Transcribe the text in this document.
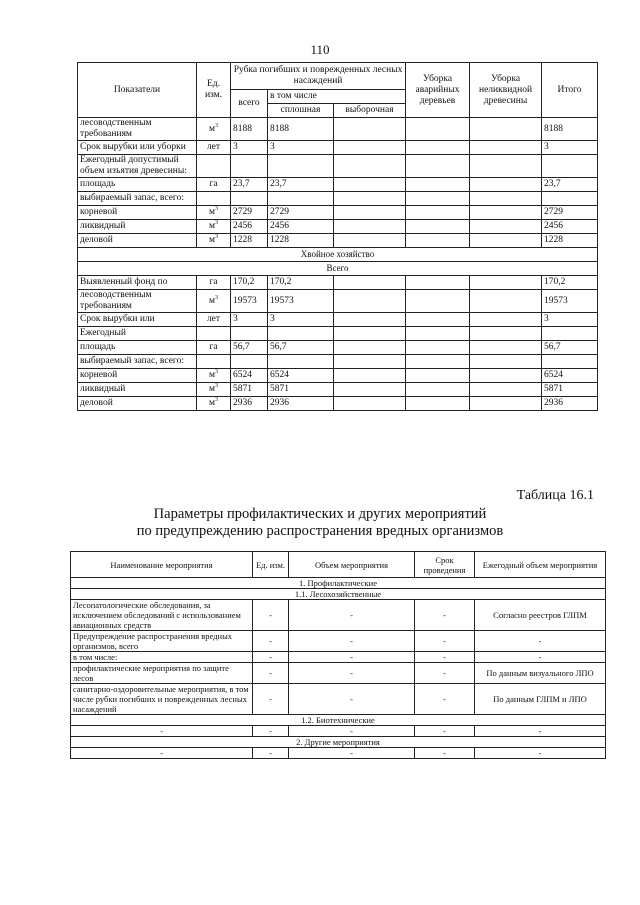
110
Показатели	Ед. изм.	Рубка погибших и поврежденных лесных насаждений			Уборка аварийных деревьев	Уборка неликвидной древесины	Итого
		всего	в том числе				
			сплошная	выборочная			
лесоводственным требованиям	$м^3$	8188	8188				8188
Срок вырубки или уборки	лет	3	3				3
Ежегодный допустимый объем изъятия древесины:							
площадь	га	23,7	23,7				23,7
выбираемый запас, всего:							
корневой	$м^3$	2729	2729				2729
ликвидный	$м^3$	2456	2456				2456
деловой	$м^3$	1228	1228				1228
Хвойное хозяйство							
Всего							
Выявленный фонд по	га	170,2	170,2				170,2
лесоводственным требованиям	$м^3$	19573	19573				19573
Срок вырубки или	лет	3	3				3
Ежегодный							
площадь	га	56,7	56,7				56,7
выбираемый запас, всего:							
корневой	$м^3$	6524	6524				6524
ликвидный	$м^3$	5871	5871				5871
деловой	$м^3$	2936	2936				2936
Таблица 16.1
Параметры профилактических и других мероприятий
по предупреждению распространения вредных организмов
Наименование мероприятия	Ед. изм.	Объем мероприятия	Срок проведения	Ежегодный объем мероприятия
1. Профилактические				
1.1. Лесохозяйственные				
Лесопатологические обследования, за исключением обследований с использованием авиационных средств	-	-	-	Согласно реестров ГЛПМ
Предупреждение распространения вредных организмов, всего	-	-	-	-
в том числе:	-	-	-	-
профилактические мероприятия по защите лесов	-	-	-	По данным визуального ЛПО
санитарно-оздоровительные мероприятия, в том числе рубки погибших и поврежденных лесных насаждений	-	-	-	По данным ГЛПМ и ЛПО
1.2. Биотехнические				
-	-	-	-	-
2. Другие мероприятия				
-	-	-	-	-
